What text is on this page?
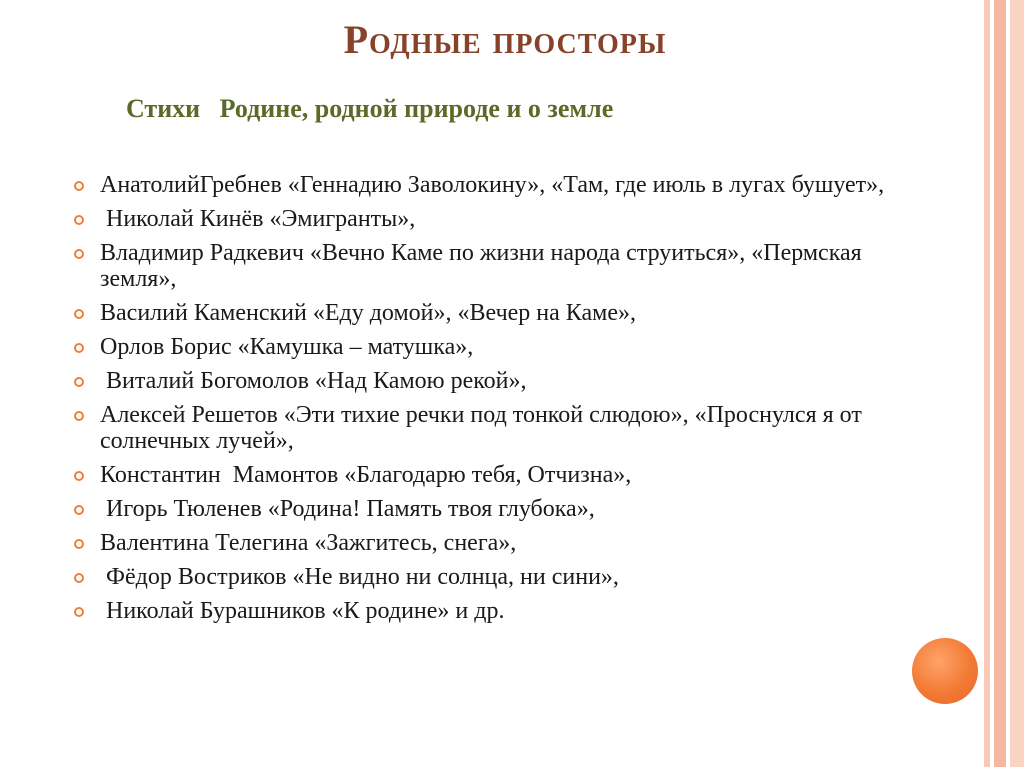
Родные просторы
Стихи   Родине, родной природе и о земле
АнатолийГребнев «Геннадию Заволокину», «Там, где июль в лугах бушует»,
Николай Кинёв «Эмигранты»,
Владимир Радкевич «Вечно Каме по жизни народа струиться», «Пермская земля»,
Василий Каменский «Еду домой», «Вечер на Каме»,
Орлов Борис «Камушка – матушка»,
Виталий Богомолов «Над Камою рекой»,
Алексей Решетов «Эти тихие речки под тонкой слюдою», «Проснулся я от солнечных лучей»,
Константин  Мамонтов «Благодарю тебя, Отчизна»,
Игорь Тюленев «Родина! Память твоя глубока»,
Валентина Телегина «Зажгитесь, снега»,
Фёдор Востриков «Не видно ни солнца, ни сини»,
Николай Бурашников «К родине» и др.
